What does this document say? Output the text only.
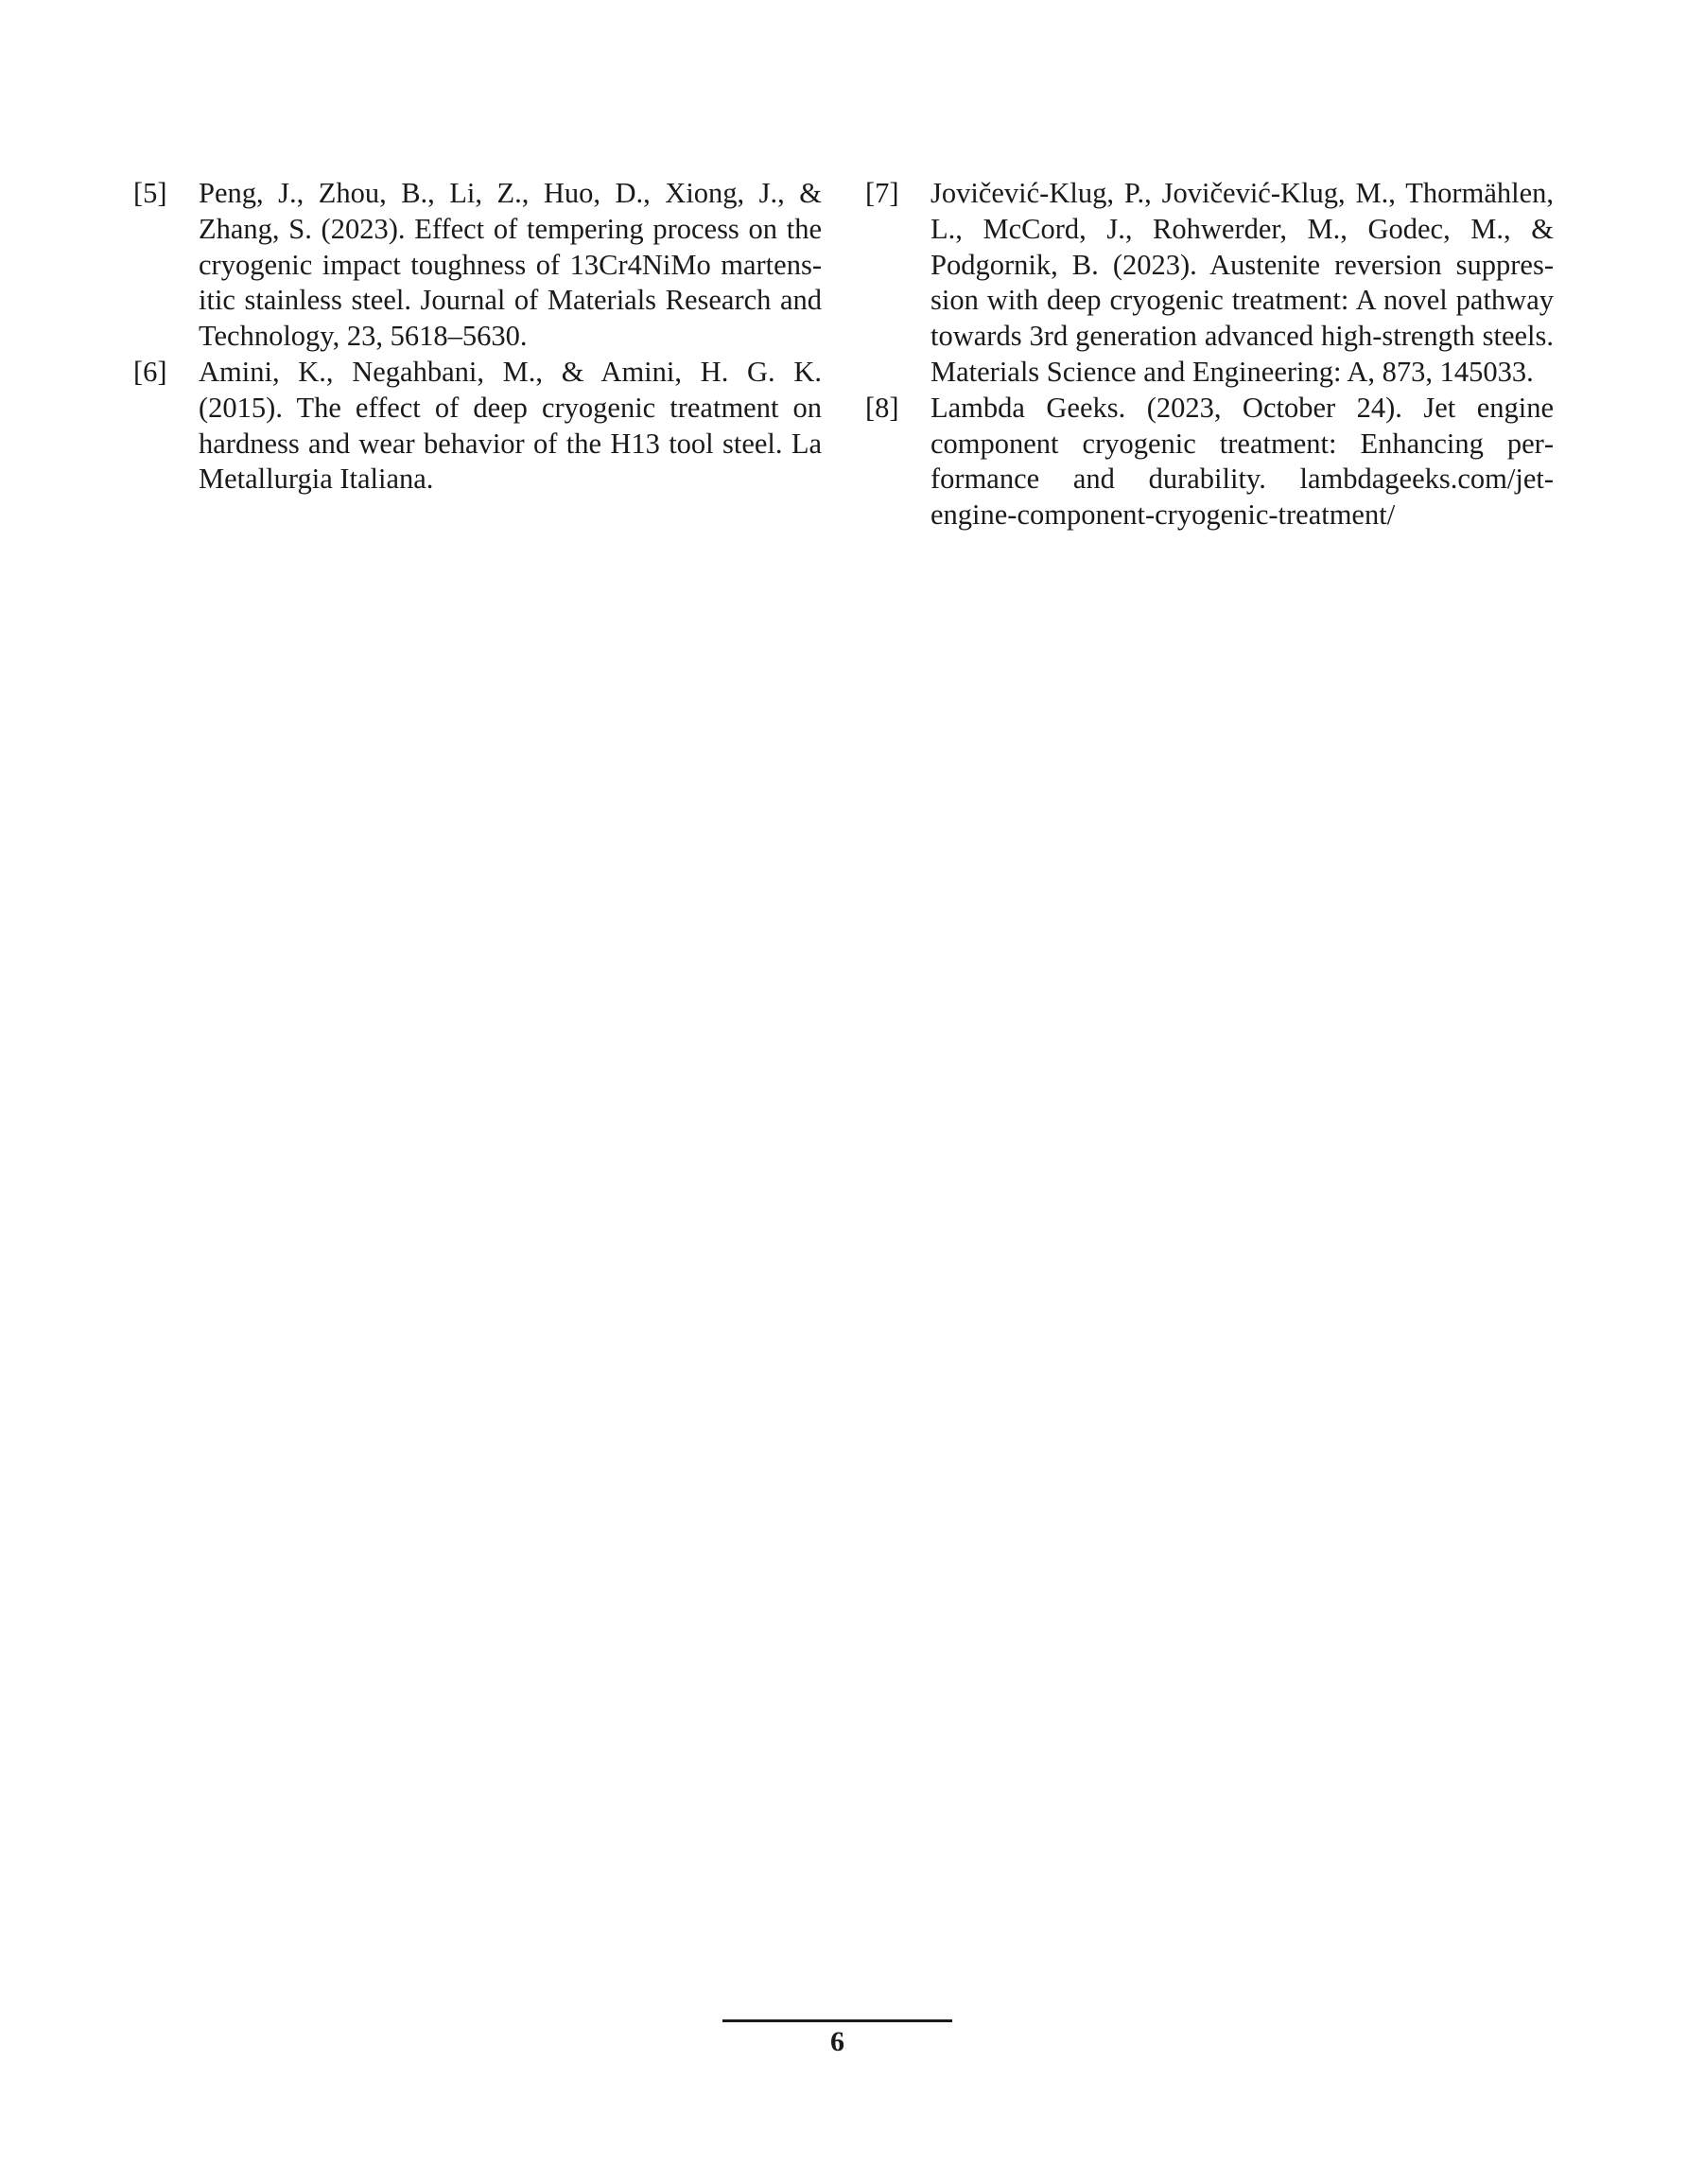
[5] Peng, J., Zhou, B., Li, Z., Huo, D., Xiong, J., & Zhang, S. (2023). Effect of tempering process on the cryogenic impact toughness of 13Cr4NiMo martensitic stainless steel. Journal of Materials Research and Technology, 23, 5618–5630.
[6] Amini, K., Negahbani, M., & Amini, H. G. K. (2015). The effect of deep cryogenic treatment on hardness and wear behavior of the H13 tool steel. La Metallurgia Italiana.
[7] Jovičević-Klug, P., Jovičević-Klug, M., Thormählen, L., McCord, J., Rohwerder, M., Godec, M., & Podgornik, B. (2023). Austenite reversion suppression with deep cryogenic treatment: A novel pathway towards 3rd generation advanced high-strength steels. Materials Science and Engineering: A, 873, 145033.
[8] Lambda Geeks. (2023, October 24). Jet engine component cryogenic treatment: Enhancing performance and durability. lambdageeks.com/​jet-engine-component-cryogenic-treatment/
6
